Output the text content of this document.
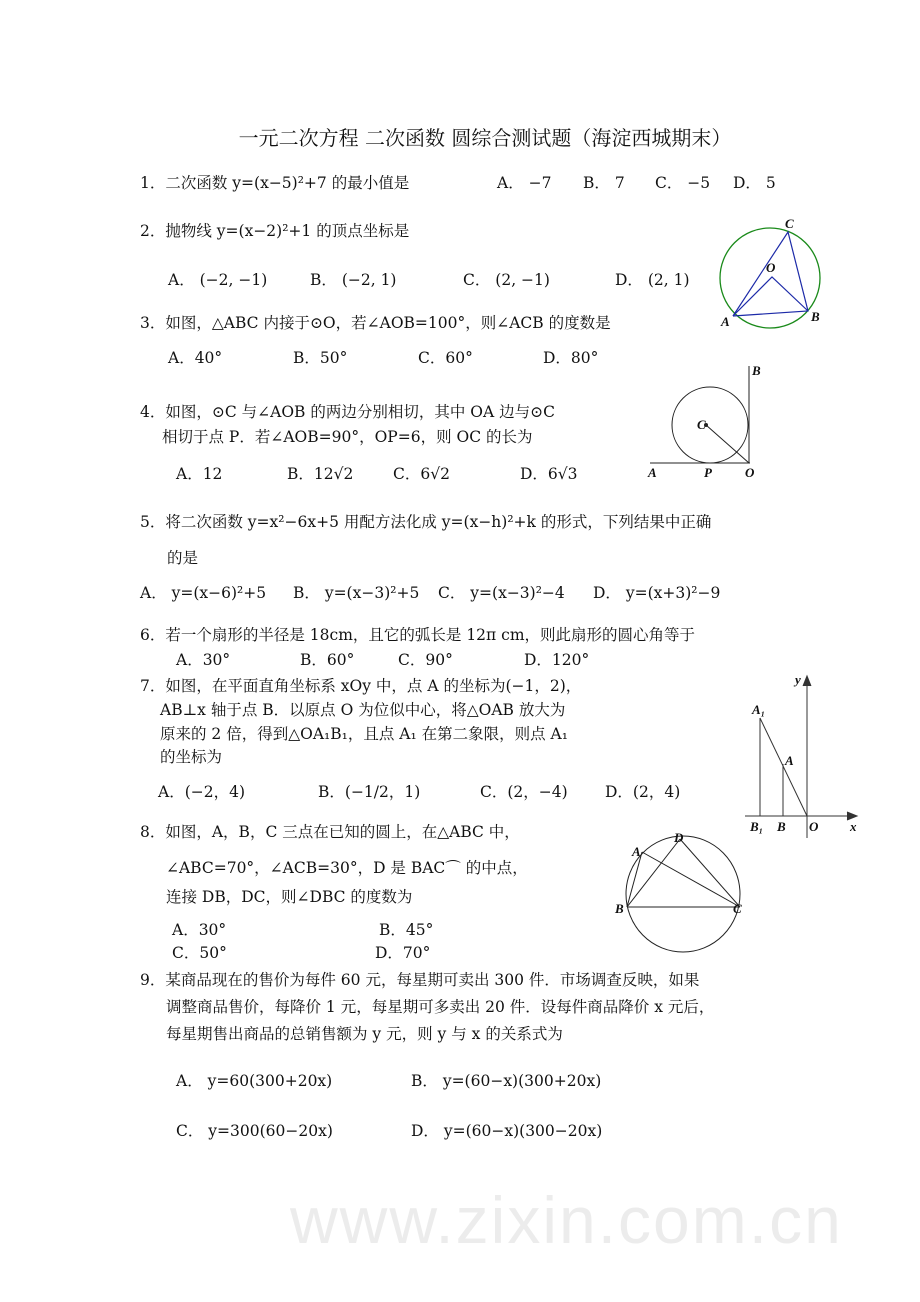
www.zixin.com.cn
一元二次方程 二次函数 圆综合测试题（海淀西城期末）
1．二次函数 y=(x−5)²+7 的最小值是	A． −7 B． 7 C． −5 D． 5
2．抛物线 y=(x−2)²+1 的顶点坐标是
A． (−2, −1)	B． (−2, 1)	C． (2, −1)	D． (2, 1)
3．如图，△ABC 内接于⊙O，若∠AOB=100°，则∠ACB 的度数是
A．40°	B．50°	C．60°	D．80°
4．如图，⊙C 与∠AOB 的两边分别相切，其中 OA 边与⊙C
相切于点 P．若∠AOB=90°，OP=6，则 OC 的长为
A．12	B．12√2	C．6√2	D．6√3
5．将二次函数 y=x²−6x+5 用配方法化成 y=(x−h)²+k 的形式，下列结果中正确
的是
A． y=(x−6)²+5 B． y=(x−3)²+5 C． y=(x−3)²−4 D． y=(x+3)²−9
6．若一个扇形的半径是 18cm，且它的弧长是 12π cm，则此扇形的圆心角等于
A．30°	B．60°	C．90°	D．120°
7．如图，在平面直角坐标系 xOy 中，点 A 的坐标为(−1，2)，
AB⊥x 轴于点 B．以原点 O 为位似中心，将△OAB 放大为
原来的 2 倍，得到△OA₁B₁，且点 A₁ 在第二象限，则点 A₁
的坐标为
A．(−2，4)	B．(−1/2，1)	C．(2，−4) D．(2，4)
8．如图，A，B，C 三点在已知的圆上，在△ABC 中，
∠ABC=70°，∠ACB=30°，D 是 BAC⌒ 的中点，
连接 DB，DC，则∠DBC 的度数为
A．30°	B．45°
C．50°	D．70°
9．某商品现在的售价为每件 60 元，每星期可卖出 300 件．市场调查反映，如果
调整商品售价，每降价 1 元，每星期可多卖出 20 件．设每件商品降价 x 元后，
每星期售出商品的总销售额为 y 元，则 y 与 x 的关系式为
A． y=60(300+20x)	B． y=(60−x)(300+20x)
C． y=300(60−20x)	D． y=(60−x)(300−20x)
C
O
A	B
B
C
A	P	O
y
A₁
A
B₁ B O x
D
A
B	C
